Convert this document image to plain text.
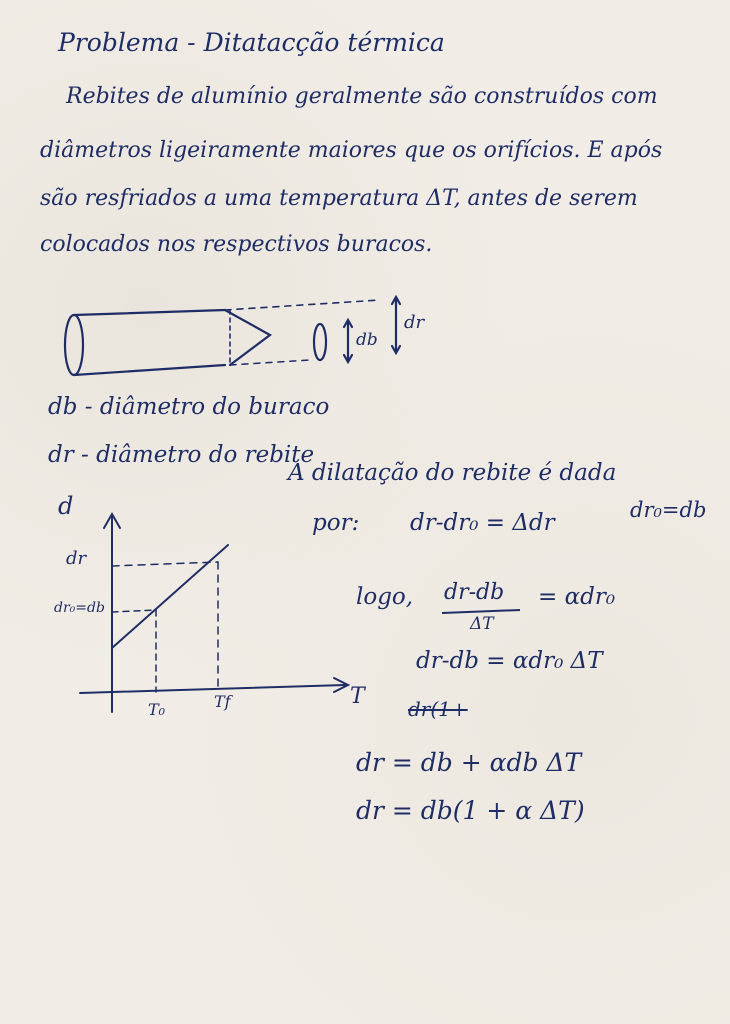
Problema - Ditatacção térmica
Rebites de alumínio geralmente são construídos com
diâmetros ligeiramente maiores que os orifícios. E após
são resfriados a uma temperatura ΔT, antes de serem
colocados nos respectivos buracos.
db
dr
db - diâmetro do buraco
dr - diâmetro do rebite
d
T
dr
dr₀=db
T₀	Tf
A dilatação do rebite é dada
por: dr-dr₀ = Δdr	dr₀=db
logo, dr-db
ΔT
= αdr₀
dr-db = αdr₀ ΔT
dr(1+
dr = db + αdb ΔT
dr = db(1 + α ΔT)
